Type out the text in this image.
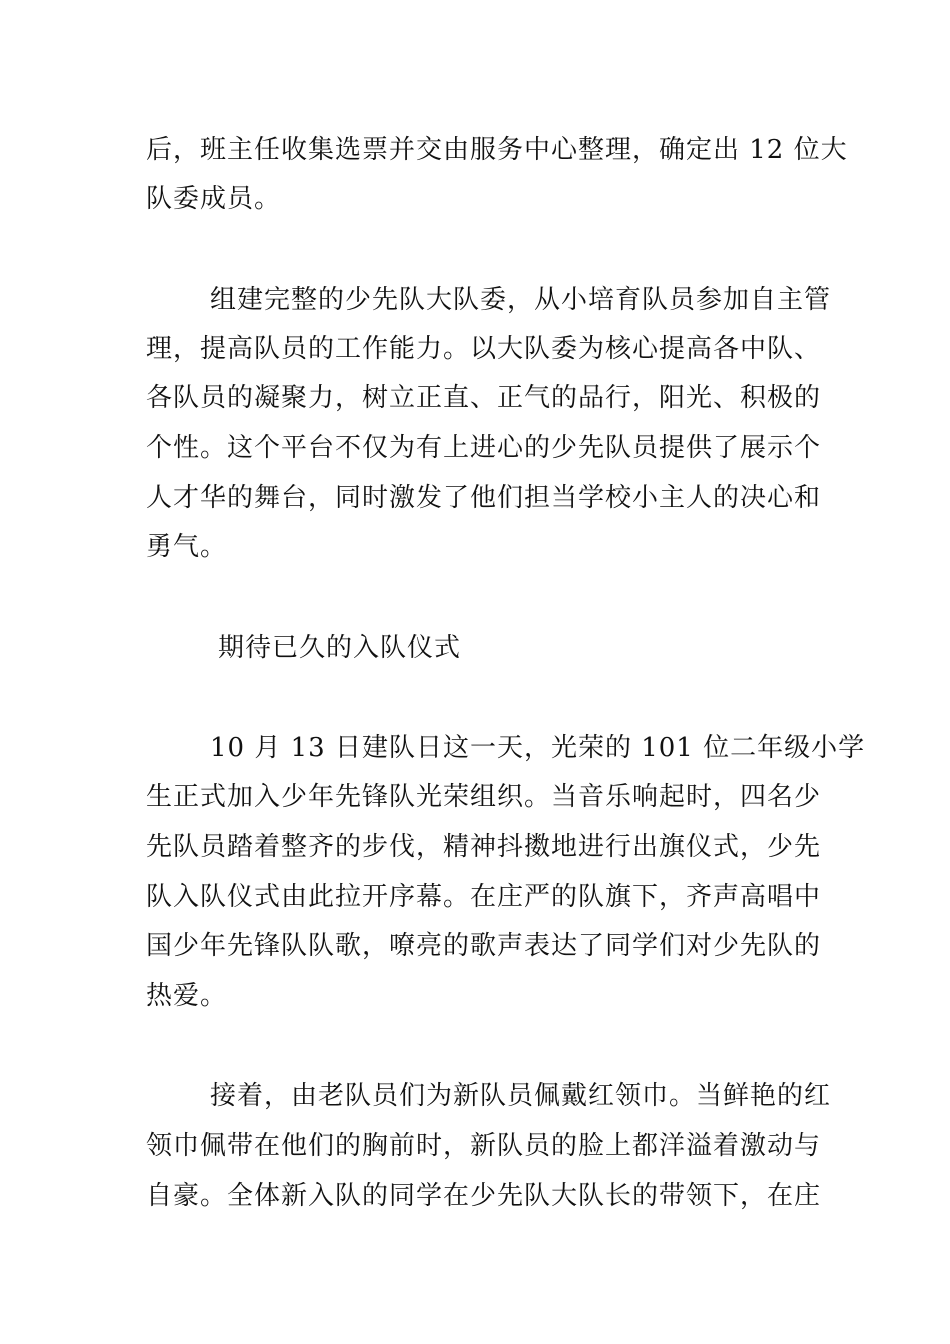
后，班主任收集选票并交由服务中心整理，确定出 12 位大
队委成员。
组建完整的少先队大队委，从小培育队员参加自主管
理，提高队员的工作能力。以大队委为核心提高各中队、
各队员的凝聚力，树立正直、正气的品行，阳光、积极的
个性。这个平台不仅为有上进心的少先队员提供了展示个
人才华的舞台，同时激发了他们担当学校小主人的决心和
勇气。
期待已久的入队仪式
10 月 13 日建队日这一天，光荣的 101 位二年级小学
生正式加入少年先锋队光荣组织。当音乐响起时，四名少
先队员踏着整齐的步伐，精神抖擞地进行出旗仪式，少先
队入队仪式由此拉开序幕。在庄严的队旗下，齐声高唱中
国少年先锋队队歌，嘹亮的歌声表达了同学们对少先队的
热爱。
接着，由老队员们为新队员佩戴红领巾。当鲜艳的红
领巾佩带在他们的胸前时，新队员的脸上都洋溢着激动与
自豪。全体新入队的同学在少先队大队长的带领下，在庄
